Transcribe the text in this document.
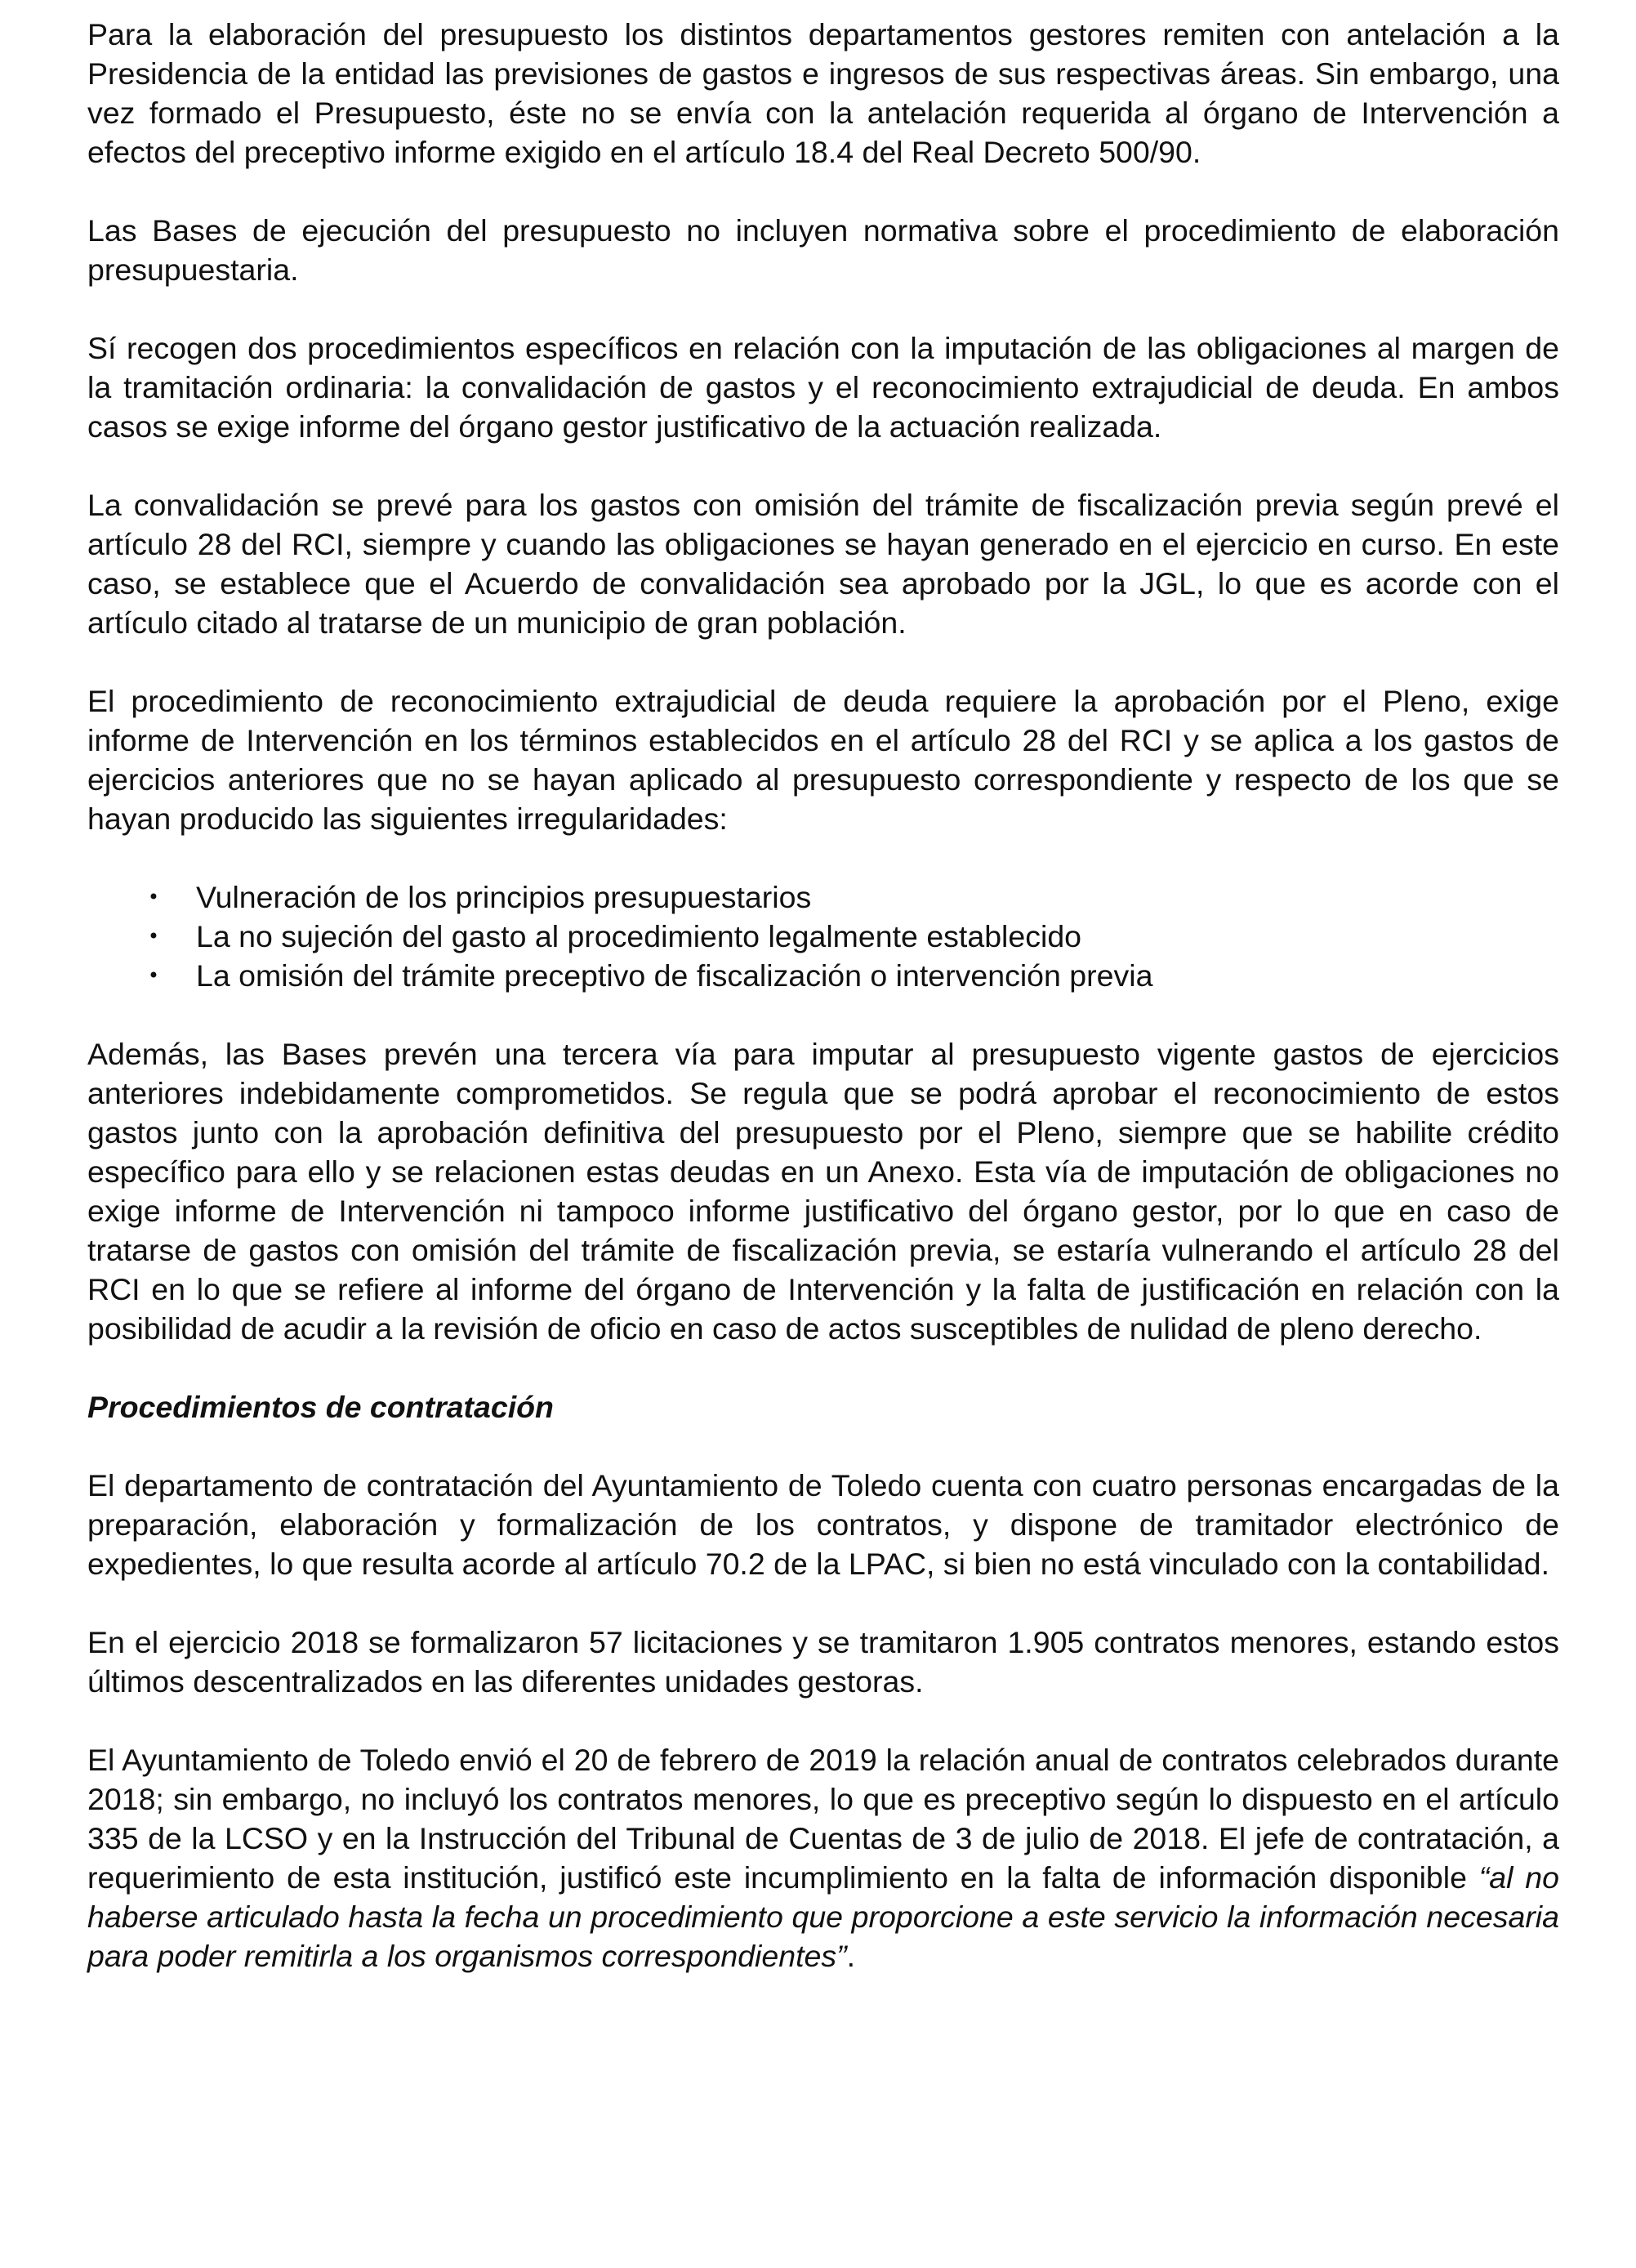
Para la elaboración del presupuesto los distintos departamentos gestores remiten con antelación a la Presidencia de la entidad las previsiones de gastos e ingresos de sus respectivas áreas. Sin embargo, una vez formado el Presupuesto, éste no se envía con la antelación requerida al órgano de Intervención a efectos del preceptivo informe exigido en el artículo 18.4 del Real Decreto 500/90.

Las Bases de ejecución del presupuesto no incluyen normativa sobre el procedimiento de elaboración presupuestaria.

Sí recogen dos procedimientos específicos en relación con la imputación de las obligaciones al margen de la tramitación ordinaria: la convalidación de gastos y el reconocimiento extrajudicial de deuda. En ambos casos se exige informe del órgano gestor justificativo de la actuación realizada.

La convalidación se prevé para los gastos con omisión del trámite de fiscalización previa según prevé el artículo 28 del RCI, siempre y cuando las obligaciones se hayan generado en el ejercicio en curso. En este caso, se establece que el Acuerdo de convalidación sea aprobado por la JGL, lo que es acorde con el artículo citado al tratarse de un municipio de gran población.

El procedimiento de reconocimiento extrajudicial de deuda requiere la aprobación por el Pleno, exige informe de Intervención en los términos establecidos en el artículo 28 del RCI y se aplica a los gastos de ejercicios anteriores que no se hayan aplicado al presupuesto correspondiente y respecto de los que se hayan producido las siguientes irregularidades:

• Vulneración de los principios presupuestarios
• La no sujeción del gasto al procedimiento legalmente establecido
• La omisión del trámite preceptivo de fiscalización o intervención previa

Además, las Bases prevén una tercera vía para imputar al presupuesto vigente gastos de ejercicios anteriores indebidamente comprometidos. Se regula que se podrá aprobar el reconocimiento de estos gastos junto con la aprobación definitiva del presupuesto por el Pleno, siempre que se habilite crédito específico para ello y se relacionen estas deudas en un Anexo. Esta vía de imputación de obligaciones no exige informe de Intervención ni tampoco informe justificativo del órgano gestor, por lo que en caso de tratarse de gastos con omisión del trámite de fiscalización previa, se estaría vulnerando el artículo 28 del RCI en lo que se refiere al informe del órgano de Intervención y la falta de justificación en relación con la posibilidad de acudir a la revisión de oficio en caso de actos susceptibles de nulidad de pleno derecho.

Procedimientos de contratación

El departamento de contratación del Ayuntamiento de Toledo cuenta con cuatro personas encargadas de la preparación, elaboración y formalización de los contratos, y dispone de tramitador electrónico de expedientes, lo que resulta acorde al artículo 70.2 de la LPAC, si bien no está vinculado con la contabilidad.

En el ejercicio 2018 se formalizaron 57 licitaciones y se tramitaron 1.905 contratos menores, estando estos últimos descentralizados en las diferentes unidades gestoras.

El Ayuntamiento de Toledo envió el 20 de febrero de 2019 la relación anual de contratos celebrados durante 2018; sin embargo, no incluyó los contratos menores, lo que es preceptivo según lo dispuesto en el artículo 335 de la LCSO y en la Instrucción del Tribunal de Cuentas de 3 de julio de 2018. El jefe de contratación, a requerimiento de esta institución, justificó este incumplimiento en la falta de información disponible “al no haberse articulado hasta la fecha un procedimiento que proporcione a este servicio la información necesaria para poder remitirla a los organismos correspondientes”.
